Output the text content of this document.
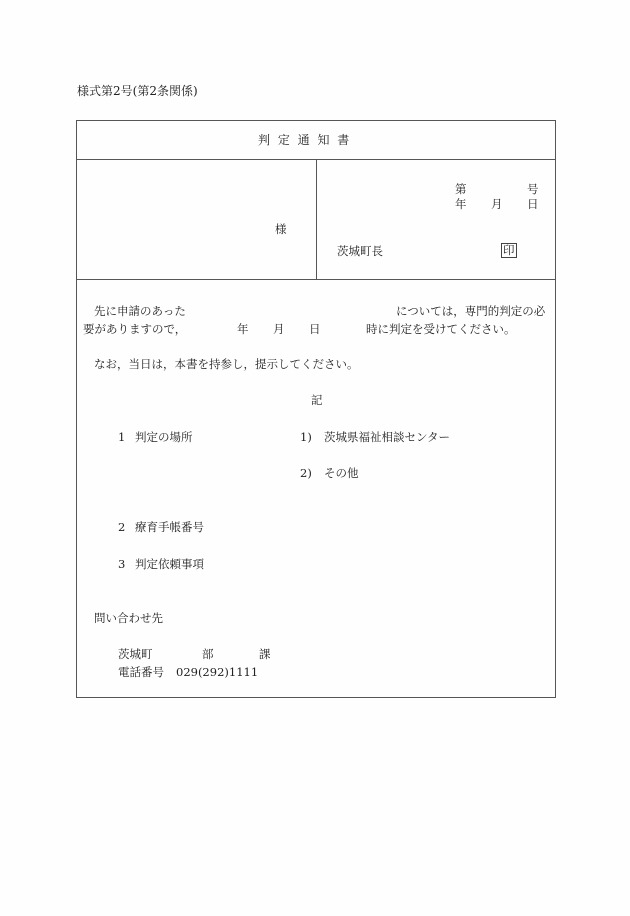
様式第2号(第2条関係)
判 定 通 知 書
様
第	号
年 月 日
茨城町長	印
先に申請のあった	については，専門的判定の必
要がありますので，	年 月 日	時に判定を受けてください。
なお，当日は，本書を持参し，提示してください。
記
1 判定の場所	1) 茨城県福祉相談センター
2) その他
2 療育手帳番号
3 判定依頼事項
問い合わせ先
茨城町	部	課
電話番号 029(292)1111
